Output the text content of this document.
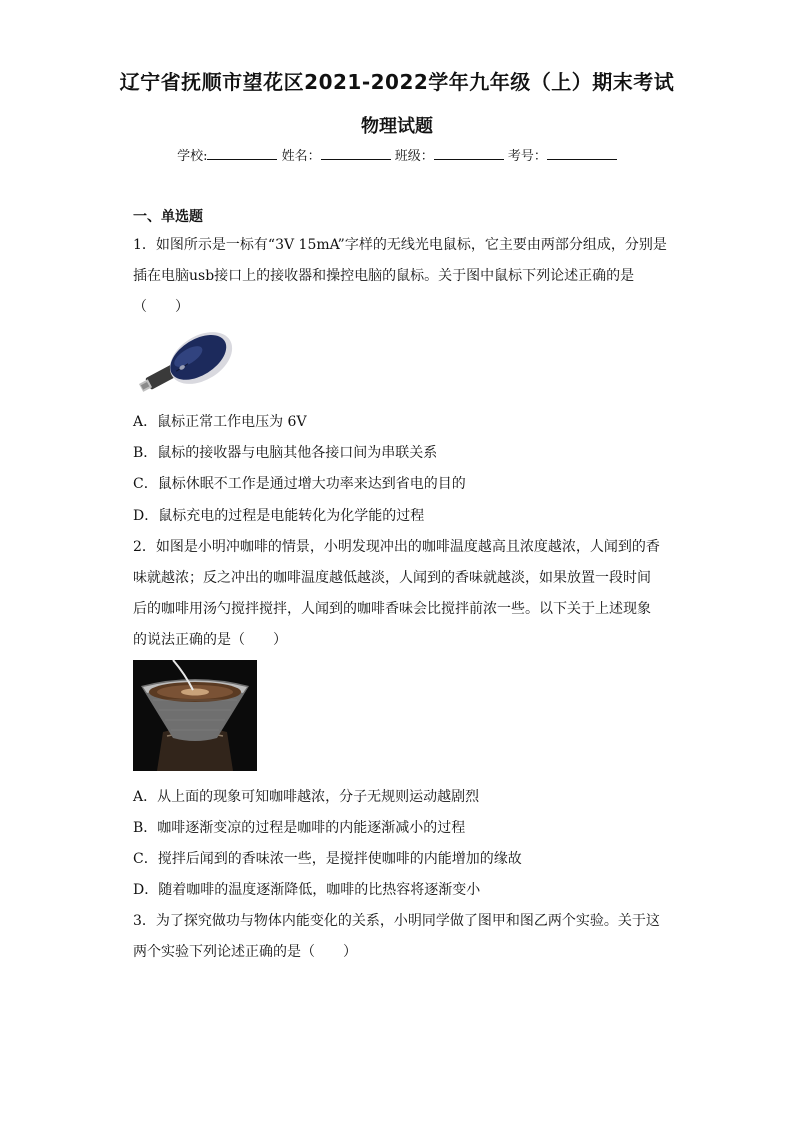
辽宁省抚顺市望花区2021-2022学年九年级（上）期末考试
物理试题
学校:	姓名：	班级：	考号：
一、单选题
1．如图所示是一标有“3V 15mA”字样的无线光电鼠标，它主要由两部分组成，分别是
插在电脑usb接口上的接收器和操控电脑的鼠标。关于图中鼠标下列论述正确的是
（　　）
A．鼠标正常工作电压为 6V
B．鼠标的接收器与电脑其他各接口间为串联关系
C．鼠标休眠不工作是通过增大功率来达到省电的目的
D．鼠标充电的过程是电能转化为化学能的过程
2．如图是小明冲咖啡的情景，小明发现冲出的咖啡温度越高且浓度越浓，人闻到的香
味就越浓；反之冲出的咖啡温度越低越淡，人闻到的香味就越淡，如果放置一段时间
后的咖啡用汤勺搅拌搅拌，人闻到的咖啡香味会比搅拌前浓一些。以下关于上述现象
的说法正确的是（　　）
A．从上面的现象可知咖啡越浓，分子无规则运动越剧烈
B．咖啡逐渐变凉的过程是咖啡的内能逐渐减小的过程
C．搅拌后闻到的香味浓一些，是搅拌使咖啡的内能增加的缘故
D．随着咖啡的温度逐渐降低，咖啡的比热容将逐渐变小
3．为了探究做功与物体内能变化的关系，小明同学做了图甲和图乙两个实验。关于这
两个实验下列论述正确的是（　　）
